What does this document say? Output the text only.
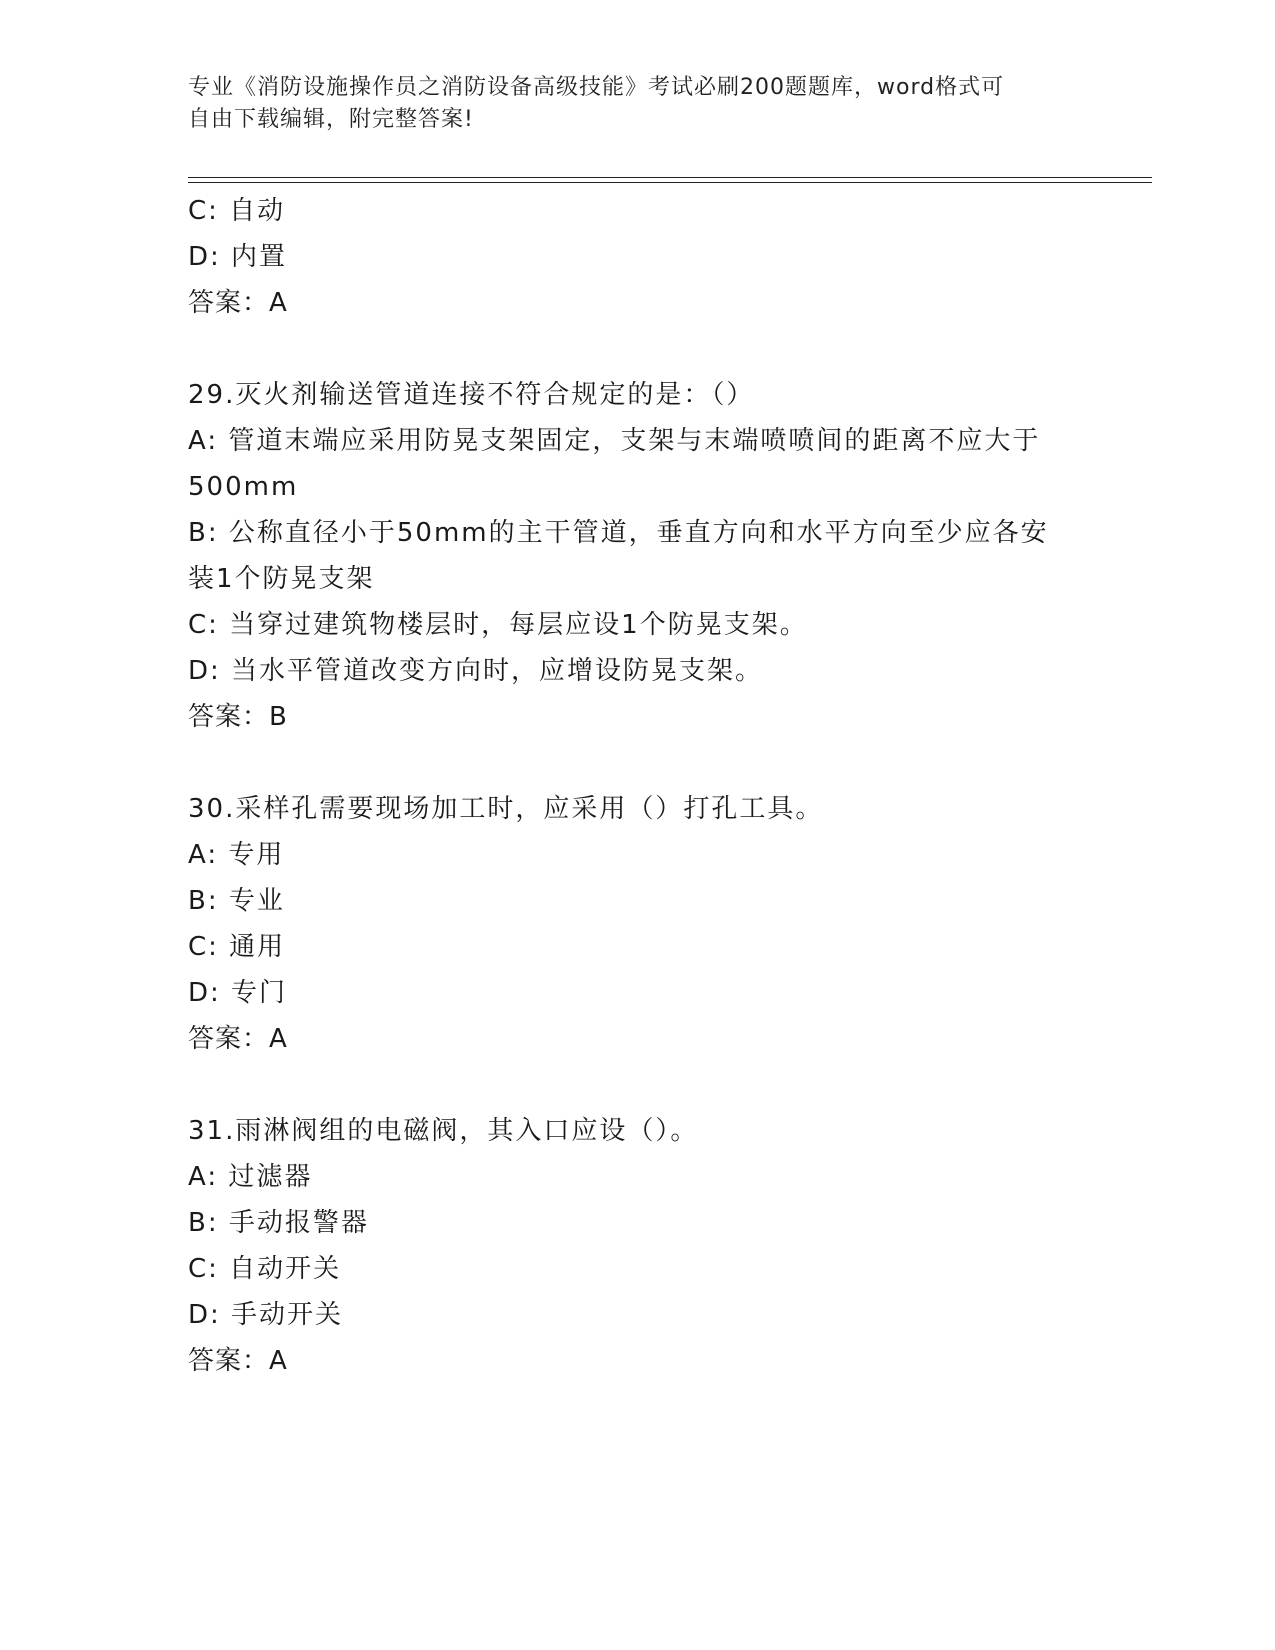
专业《消防设施操作员之消防设备高级技能》考试必刷200题题库，word格式可
自由下载编辑，附完整答案!
C: 自动
D: 内置
答案：A
29.灭火剂输送管道连接不符合规定的是：（）
A: 管道末端应采用防晃支架固定，支架与末端喷喷间的距离不应大于
500mm
B: 公称直径小于50mm的主干管道，垂直方向和水平方向至少应各安
装1个防晃支架
C: 当穿过建筑物楼层时，每层应设1个防晃支架。
D: 当水平管道改变方向时，应增设防晃支架。
答案：B
30.采样孔需要现场加工时，应采用（）打孔工具。
A: 专用
B: 专业
C: 通用
D: 专门
答案：A
31.雨淋阀组的电磁阀，其入口应设（）。
A: 过滤器
B: 手动报警器
C: 自动开关
D: 手动开关
答案：A
